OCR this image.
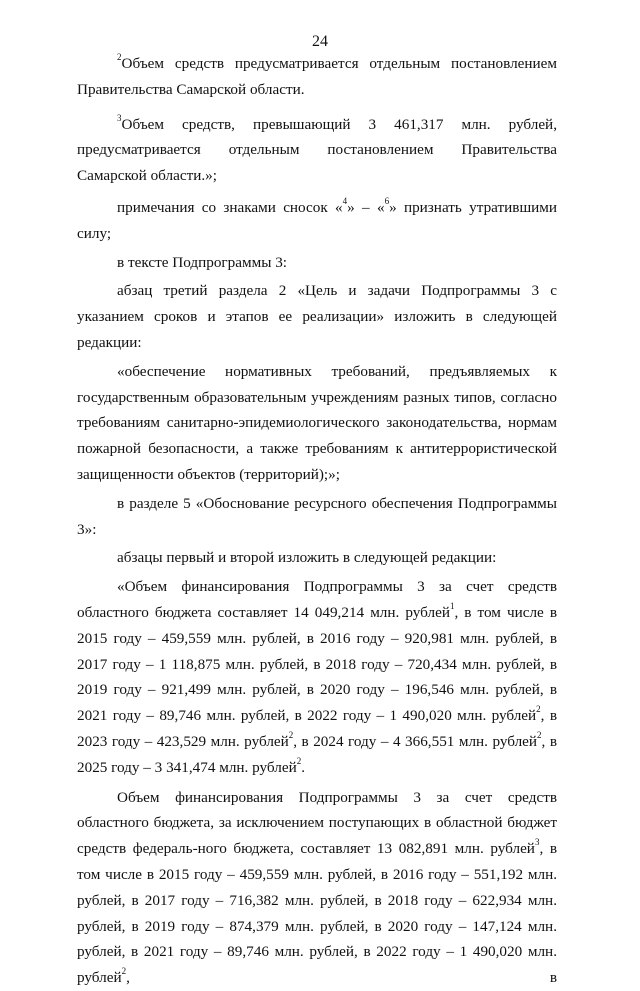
24

$^2$Объем средств предусматривается отдельным постановлением Правительства Самарской области.

$^3$Объем средств, превышающий 3 461,317 млн. рублей, предусматривается отдельным постановлением Правительства Самарской области.»;

примечания со знаками сносок «$^4$» – «$^6$» признать утратившими силу;

в тексте Подпрограммы 3:

абзац третий раздела 2 «Цель и задачи Подпрограммы 3 с указанием сроков и этапов ее реализации» изложить в следующей редакции:

«обеспечение нормативных требований, предъявляемых к государственным образовательным учреждениям разных типов, согласно требованиям санитарно-эпидемиологического законодательства, нормам пожарной безопасности, а также требованиям к антитеррористической защищенности объектов (территорий);»;

в разделе 5 «Обоснование ресурсного обеспечения Подпрограммы 3»:

абзацы первый и второй изложить в следующей редакции:

«Объем финансирования Подпрограммы 3 за счет средств областного бюджета составляет 14 049,214 млн. рублей$^1$, в том числе в 2015 году – 459,559 млн. рублей, в 2016 году – 920,981 млн. рублей, в 2017 году – 1 118,875 млн. рублей, в 2018 году – 720,434 млн. рублей, в 2019 году – 921,499 млн. рублей, в 2020 году – 196,546 млн. рублей, в 2021 году – 89,746 млн. рублей, в 2022 году – 1 490,020 млн. рублей$^2$, в 2023 году – 423,529 млн. рублей$^2$, в 2024 году – 4 366,551 млн. рублей$^2$, в 2025 году – 3 341,474 млн. рублей$^2$.

Объем финансирования Подпрограммы 3 за счет средств областного бюджета, за исключением поступающих в областной бюджет средств федераль-ного бюджета, составляет 13 082,891 млн. рублей$^3$, в том числе в 2015 году – 459,559 млн. рублей, в 2016 году – 551,192 млн. рублей, в 2017 году – 716,382 млн. рублей, в 2018 году – 622,934 млн. рублей, в 2019 году – 874,379 млн. рублей, в 2020 году – 147,124 млн. рублей, в 2021 году – 89,746 млн. рублей, в 2022 году – 1 490,020 млн. рублей$^2$, в
